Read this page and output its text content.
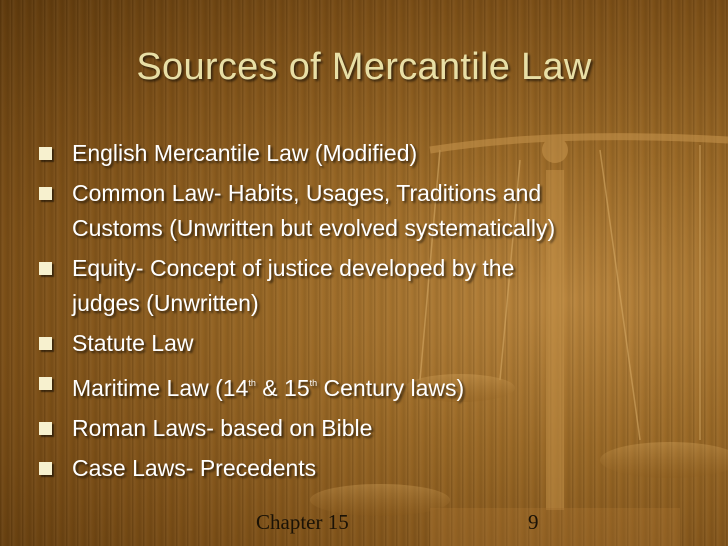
Sources of Mercantile Law
English Mercantile Law (Modified)
Common Law- Habits, Usages, Traditions and
Customs (Unwritten but evolved systematically)
Equity- Concept of justice developed by the
judges (Unwritten)
Statute Law
Maritime Law (14th & 15th Century laws)
Roman Laws- based on Bible
Case Laws- Precedents
Chapter 15	9
